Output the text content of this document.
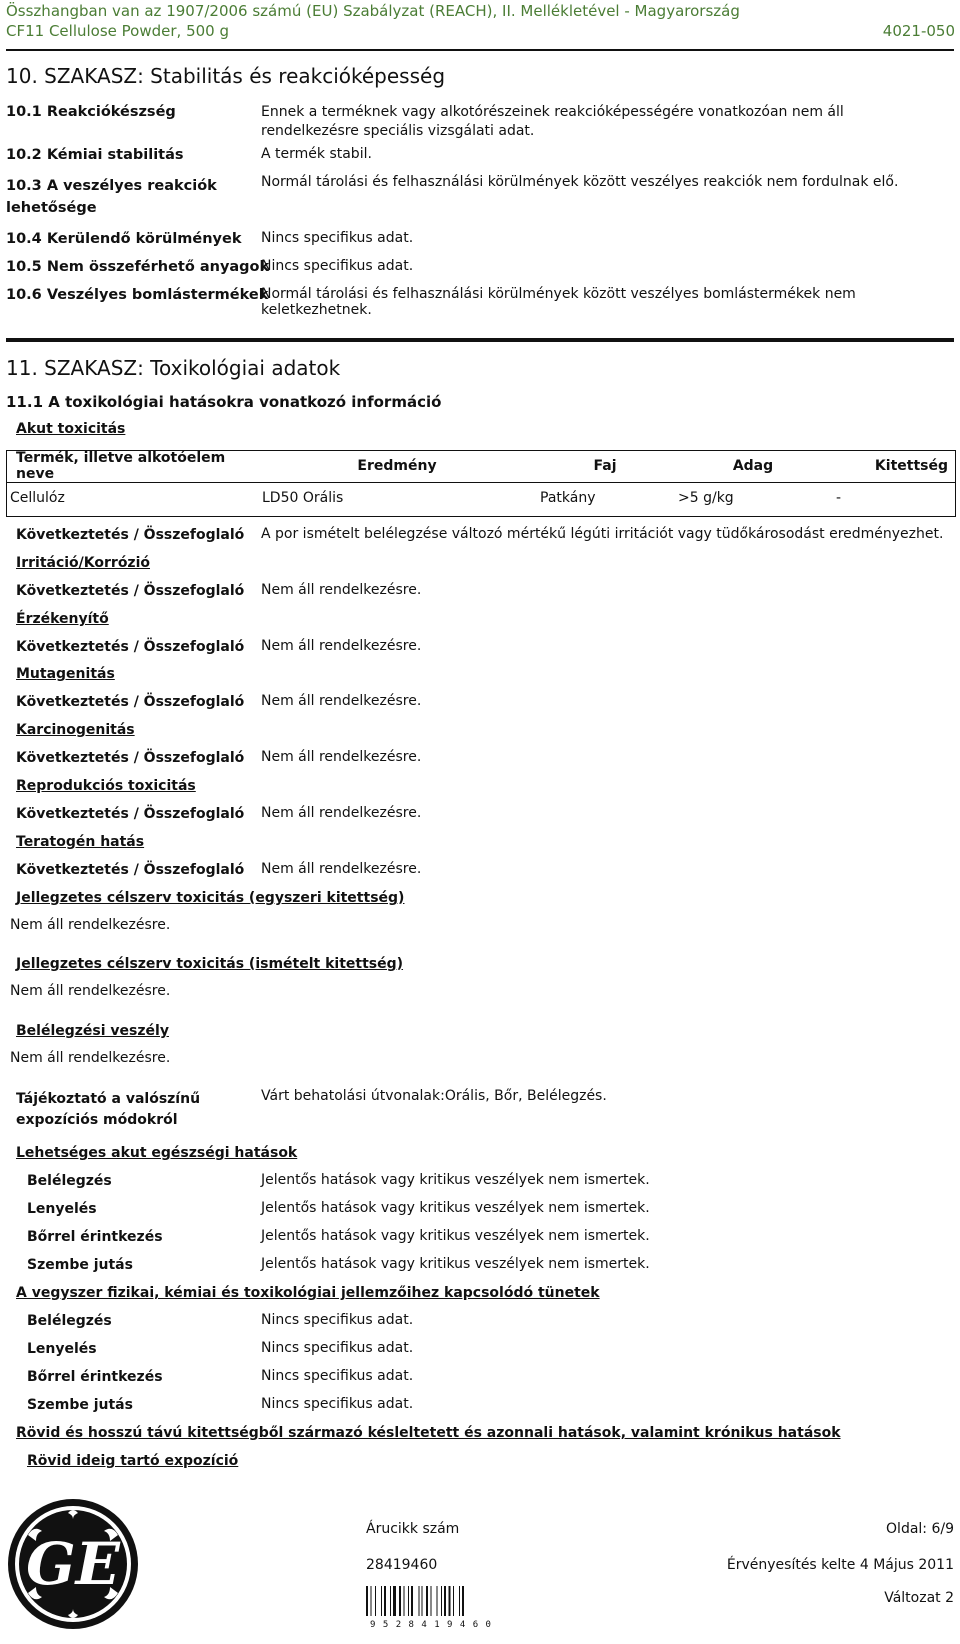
Összhangban van az 1907/2006 számú (EU) Szabályzat (REACH), II. Mellékletével - Magyarország
CF11 Cellulose Powder, 500 g	4021-050
10. SZAKASZ: Stabilitás és reakcióképesség
10.1 Reakciókészség	Ennek a terméknek vagy alkotórészeinek reakcióképességére vonatkozóan nem áll rendelkezésre speciális vizsgálati adat.
10.2 Kémiai stabilitás	A termék stabil.
10.3 A veszélyes reakciók lehetősége
Normál tárolási és felhasználási körülmények között veszélyes reakciók nem fordulnak elő.
10.4 Kerülendő körülmények Nincs specifikus adat.
10.5 Nem összeférhető anyagok
Nincs specifikus adat.
10.6 Veszélyes bomlástermékek
Normál tárolási és felhasználási körülmények között veszélyes bomlástermékek nem keletkezhetnek.
11. SZAKASZ: Toxikológiai adatok
11.1 A toxikológiai hatásokra vonatkozó információ
Akut toxicitás
Termék, illetve alkotóelem neve	Eredmény	Faj	Adag	Kitettség
Cellulóz	LD50 Orális	Patkány	>5 g/kg	-
Következtetés / Összefoglaló A por ismételt belélegzése változó mértékű légúti irritációt vagy tüdőkárosodást eredményezhet.
Irritáció/Korrózió
Következtetés / Összefoglaló Nem áll rendelkezésre.
Érzékenyítő
Következtetés / Összefoglaló Nem áll rendelkezésre.
Mutagenitás
Következtetés / Összefoglaló Nem áll rendelkezésre.
Karcinogenitás
Következtetés / Összefoglaló Nem áll rendelkezésre.
Reprodukciós toxicitás
Következtetés / Összefoglaló Nem áll rendelkezésre.
Teratogén hatás
Következtetés / Összefoglaló Nem áll rendelkezésre.
Jellegzetes célszerv toxicitás (egyszeri kitettség)
Nem áll rendelkezésre.
Jellegzetes célszerv toxicitás (ismételt kitettség)
Nem áll rendelkezésre.
Belélegzési veszély
Nem áll rendelkezésre.
Tájékoztató a valószínű expozíciós módokról
Várt behatolási útvonalak:Orális, Bőr, Belélegzés.
Lehetséges akut egészségi hatások
Belélegzés	Jelentős hatások vagy kritikus veszélyek nem ismertek.
Lenyelés	Jelentős hatások vagy kritikus veszélyek nem ismertek.
Bőrrel érintkezés	Jelentős hatások vagy kritikus veszélyek nem ismertek.
Szembe jutás	Jelentős hatások vagy kritikus veszélyek nem ismertek.
A vegyszer fizikai, kémiai és toxikológiai jellemzőihez kapcsolódó tünetek
Belélegzés	Nincs specifikus adat.
Lenyelés	Nincs specifikus adat.
Bőrrel érintkezés	Nincs specifikus adat.
Szembe jutás	Nincs specifikus adat.
Rövid és hosszú távú kitettségből származó késleltetett és azonnali hatások, valamint krónikus hatások
Rövid ideig tartó expozíció
GE
Árucikk szám
28419460
9 5 2 8 4 1 9 4 6 0
Oldal: 6/9
Érvényesítés kelte 4 Május 2011
Változat 2
